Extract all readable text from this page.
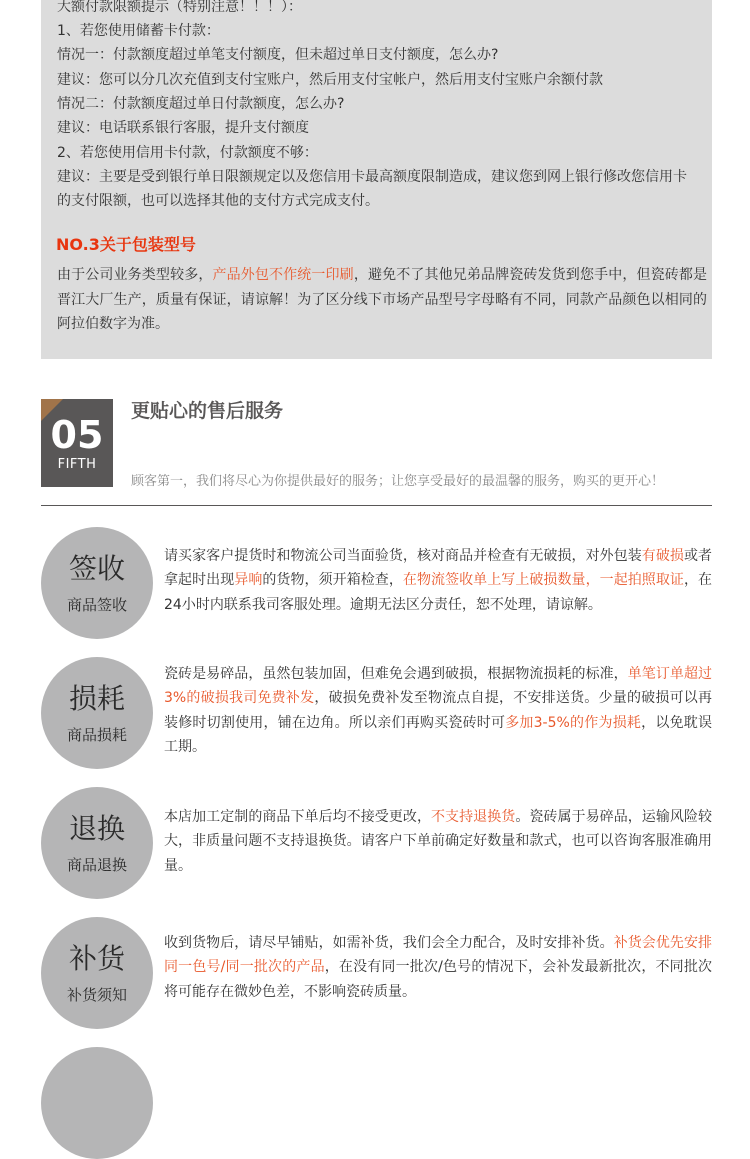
大额付款限额提示（特别注意！！！）：
1、若您使用储蓄卡付款：
情况一：付款额度超过单笔支付额度，但未超过单日支付额度，怎么办?
建议：您可以分几次充值到支付宝账户，然后用支付宝帐户，然后用支付宝账户余额付款
情况二：付款额度超过单日付款额度，怎么办?
建议：电话联系银行客服，提升支付额度
2、若您使用信用卡付款，付款额度不够：
建议：主要是受到银行单日限额规定以及您信用卡最高额度限制造成，建议您到网上银行修改您信用卡
的支付限额，也可以选择其他的支付方式完成支付。
NO.3关于包装型号
由于公司业务类型较多，产品外包不作统一印刷，避免不了其他兄弟品牌瓷砖发货到您手中，但瓷砖都是晋江大厂生产，质量有保证，请谅解！为了区分线下市场产品型号字母略有不同，同款产品颜色以相同的阿拉伯数字为准。
05
FIFTH
更贴心的售后服务
顾客第一，我们将尽心为你提供最好的服务；让您享受最好的最温馨的服务，购买的更开心！
签收
商品签收
请买家客户提货时和物流公司当面验货，核对商品并检查有无破损，对外包装有破损或者拿起时出现异响的货物，须开箱检查，在物流签收单上写上破损数量，一起拍照取证，在24小时内联系我司客服处理。逾期无法区分责任，恕不处理，请谅解。
损耗
商品损耗
瓷砖是易碎品，虽然包装加固，但难免会遇到破损，根据物流损耗的标准，单笔订单超过3%的破损我司免费补发，破损免费补发至物流点自提，不安排送货。少量的破损可以再装修时切割使用，铺在边角。所以亲们再购买瓷砖时可多加3-5%的作为损耗，以免耽误工期。
退换
商品退换
本店加工定制的商品下单后均不接受更改，不支持退换货。瓷砖属于易碎品，运输风险较大，非质量问题不支持退换货。请客户下单前确定好数量和款式，也可以咨询客服准确用量。
补货
补货须知
收到货物后，请尽早铺贴，如需补货，我们会全力配合，及时安排补货。补货会优先安排同一色号/同一批次的产品，在没有同一批次/色号的情况下，会补发最新批次，不同批次将可能存在微妙色差，不影响瓷砖质量。
